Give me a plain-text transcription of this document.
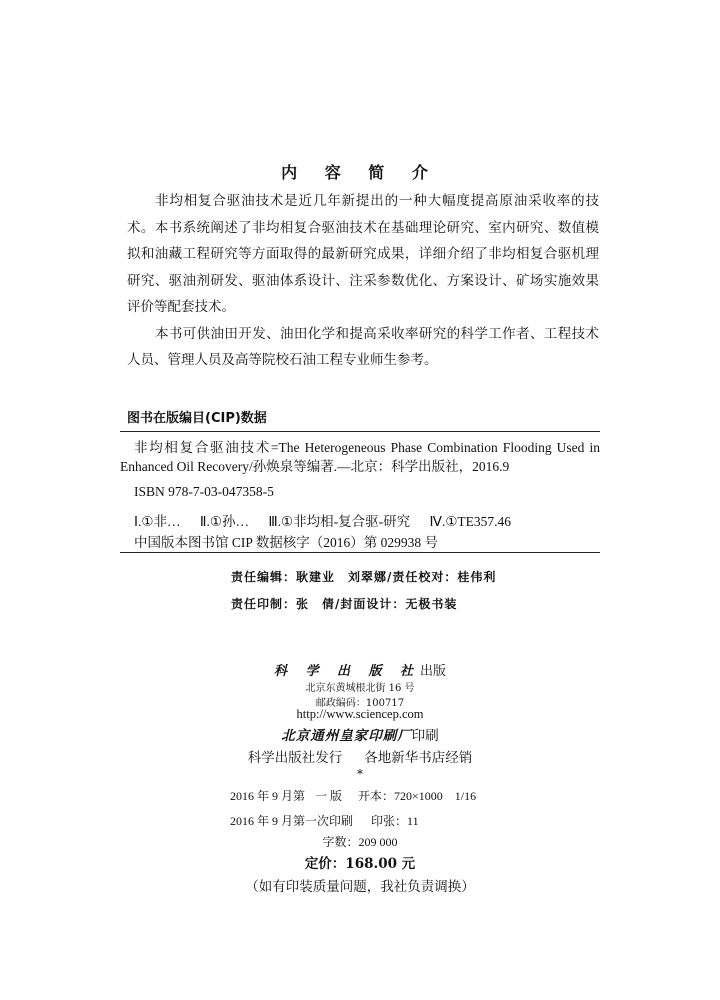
内 容 简 介

非均相复合驱油技术是近几年新提出的一种大幅度提高原油采收率的技术。本书系统阐述了非均相复合驱油技术在基础理论研究、室内研究、数值模拟和油藏工程研究等方面取得的最新研究成果，详细介绍了非均相复合驱机理研究、驱油剂研发、驱油体系设计、注采参数优化、方案设计、矿场实施效果评价等配套技术。

本书可供油田开发、油田化学和提高采收率研究的科学工作者、工程技术人员、管理人员及高等院校石油工程专业师生参考。

图书在版编目(CIP)数据
非均相复合驱油技术=The Heterogeneous Phase Combination Flooding Used in Enhanced Oil Recovery/孙焕泉等编著.—北京：科学出版社，2016.9
ISBN 978-7-03-047358-5
Ⅰ.①非… Ⅱ.①孙… Ⅲ.①非均相-复合驱-研究 Ⅳ.①TE357.46
中国版本图书馆 CIP 数据核字（2016）第 029938 号
责任编辑：耿建业　刘翠娜/责任校对：桂伟利
责任印制：张　倩/封面设计：无极书装
科 学 出 版 社出版
北京东黄城根北街 16 号
邮政编码：100717
http://www.sciencep.com
北京通州皇家印刷厂印刷
科学出版社发行 各地新华书店经销
*
2016 年 9 月第 一 版 开本：720×1000　1/16
2016 年 9 月第一次印刷 印张：11
字数：209 000
定价：168.00 元
（如有印装质量问题，我社负责调换）
